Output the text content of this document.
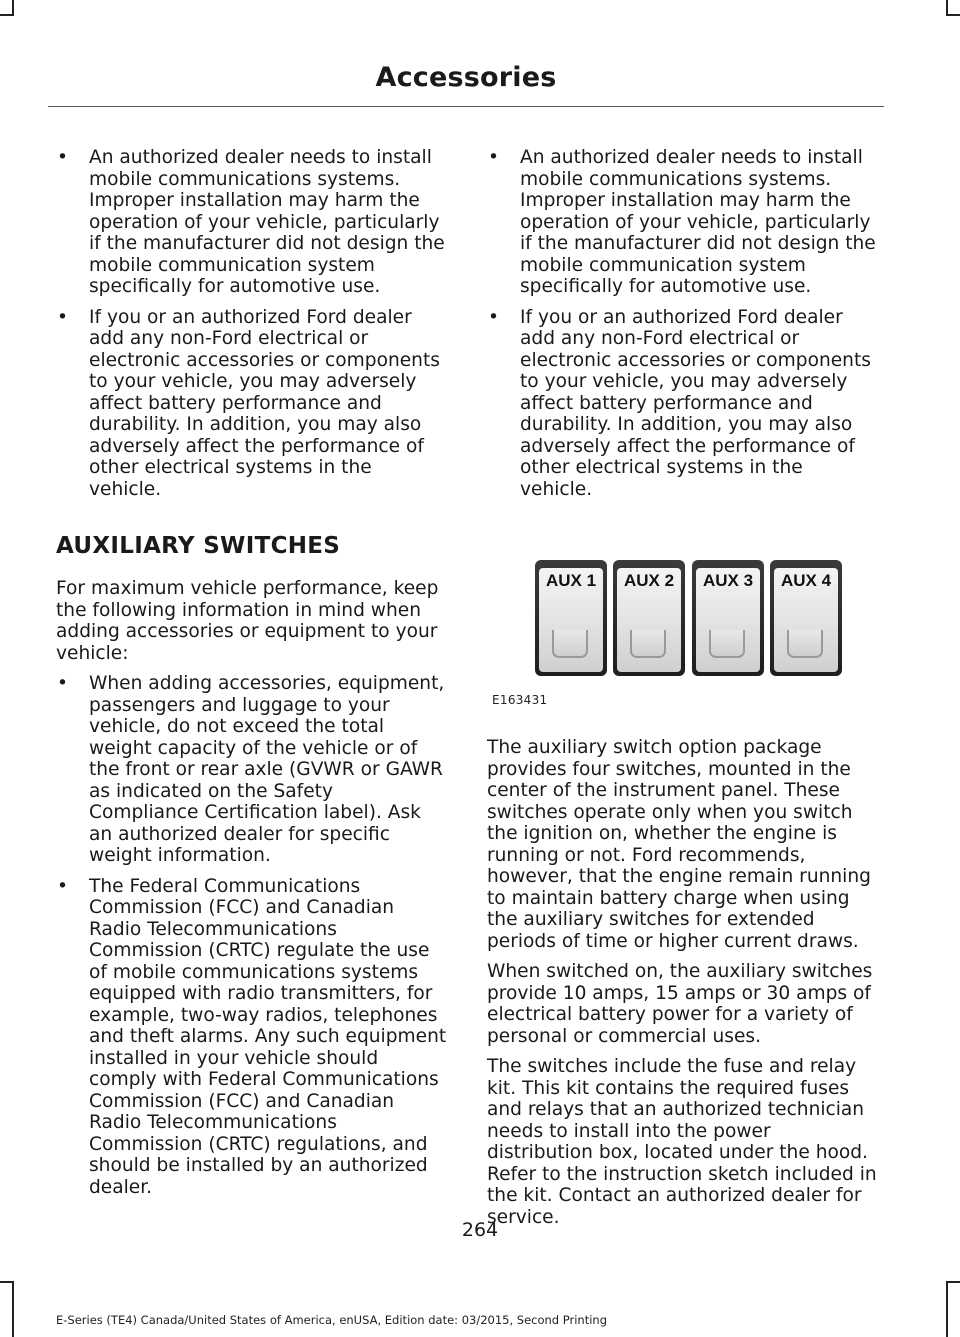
Accessories
• An authorized dealer needs to install mobile communications systems. Improper installation may harm the operation of your vehicle, particularly if the manufacturer did not design the mobile communication system specifically for automotive use.
• If you or an authorized Ford dealer add any non-Ford electrical or electronic accessories or components to your vehicle, you may adversely affect battery performance and durability. In addition, you may also adversely affect the performance of other electrical systems in the vehicle.
AUXILIARY SWITCHES
For maximum vehicle performance, keep the following information in mind when adding accessories or equipment to your vehicle:
• When adding accessories, equipment, passengers and luggage to your vehicle, do not exceed the total weight capacity of the vehicle or of the front or rear axle (GVWR or GAWR as indicated on the Safety Compliance Certification label). Ask an authorized dealer for specific weight information.
• The Federal Communications Commission (FCC) and Canadian Radio Telecommunications Commission (CRTC) regulate the use of mobile communications systems equipped with radio transmitters, for example, two-way radios, telephones and theft alarms. Any such equipment installed in your vehicle should comply with Federal Communications Commission (FCC) and Canadian Radio Telecommunications Commission (CRTC) regulations, and should be installed by an authorized dealer.
• An authorized dealer needs to install mobile communications systems. Improper installation may harm the operation of your vehicle, particularly if the manufacturer did not design the mobile communication system specifically for automotive use.
• If you or an authorized Ford dealer add any non-Ford electrical or electronic accessories or components to your vehicle, you may adversely affect battery performance and durability. In addition, you may also adversely affect the performance of other electrical systems in the vehicle.
AUX 1	AUX 2	AUX 3	AUX 4
E163431
The auxiliary switch option package provides four switches, mounted in the center of the instrument panel. These switches operate only when you switch the ignition on, whether the engine is running or not. Ford recommends, however, that the engine remain running to maintain battery charge when using the auxiliary switches for extended periods of time or higher current draws.
When switched on, the auxiliary switches provide 10 amps, 15 amps or 30 amps of electrical battery power for a variety of personal or commercial uses.
The switches include the fuse and relay kit. This kit contains the required fuses and relays that an authorized technician needs to install into the power distribution box, located under the hood. Refer to the instruction sketch included in the kit. Contact an authorized dealer for service.
264
E-Series (TE4) Canada/United States of America, enUSA, Edition date: 03/2015, Second Printing
